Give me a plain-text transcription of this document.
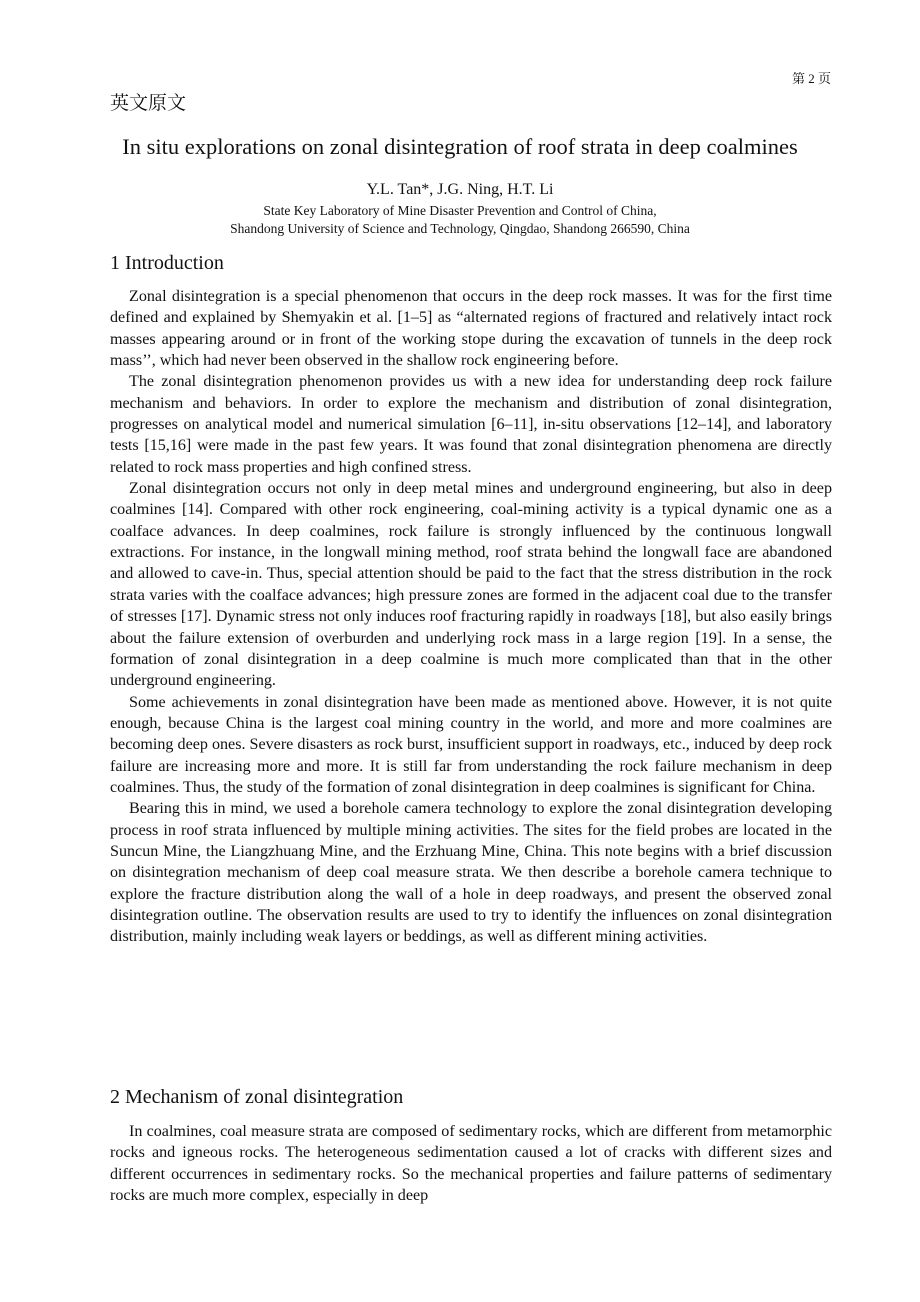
第 2 页
英文原文
In situ explorations on zonal disintegration of roof strata in deep coalmines
Y.L. Tan*, J.G. Ning, H.T. Li
State Key Laboratory of Mine Disaster Prevention and Control of China,
Shandong University of Science and Technology, Qingdao, Shandong 266590, China
1 Introduction

Zonal disintegration is a special phenomenon that occurs in the deep rock masses. It was for the first time defined and explained by Shemyakin et al. [1–5] as “alternated regions of fractured and relatively intact rock masses appearing around or in front of the working stope during the excavation of tunnels in the deep rock mass’’, which had never been observed in the shallow rock engineering before.

The zonal disintegration phenomenon provides us with a new idea for understanding deep rock failure mechanism and behaviors. In order to explore the mechanism and distribution of zonal disintegration, progresses on analytical model and numerical simulation [6–11], in-situ observations [12–14], and laboratory tests [15,16] were made in the past few years. It was found that zonal disintegration phenomena are directly related to rock mass properties and high confined stress.

Zonal disintegration occurs not only in deep metal mines and underground engineering, but also in deep coalmines [14]. Compared with other rock engineering, coal-mining activity is a typical dynamic one as a coalface advances. In deep coalmines, rock failure is strongly influenced by the continuous longwall extractions. For instance, in the longwall mining method, roof strata behind the longwall face are abandoned and allowed to cave-in. Thus, special attention should be paid to the fact that the stress distribution in the rock strata varies with the coalface advances; high pressure zones are formed in the adjacent coal due to the transfer of stresses [17]. Dynamic stress not only induces roof fracturing rapidly in roadways [18], but also easily brings about the failure extension of overburden and underlying rock mass in a large region [19]. In a sense, the formation of zonal disintegration in a deep coalmine is much more complicated than that in the other underground engineering.

Some achievements in zonal disintegration have been made as mentioned above. However, it is not quite enough, because China is the largest coal mining country in the world, and more and more coalmines are becoming deep ones. Severe disasters as rock burst, insufficient support in roadways, etc., induced by deep rock failure are increasing more and more. It is still far from understanding the rock failure mechanism in deep coalmines. Thus, the study of the formation of zonal disintegration in deep coalmines is significant for China.

Bearing this in mind, we used a borehole camera technology to explore the zonal disintegration developing process in roof strata influenced by multiple mining activities. The sites for the field probes are located in the Suncun Mine, the Liangzhuang Mine, and the Erzhuang Mine, China. This note begins with a brief discussion on disintegration mechanism of deep coal measure strata. We then describe a borehole camera technique to explore the fracture distribution along the wall of a hole in deep roadways, and present the observed zonal disintegration outline. The observation results are used to try to identify the influences on zonal disintegration distribution, mainly including weak layers or beddings, as well as different mining activities.

2 Mechanism of zonal disintegration

In coalmines, coal measure strata are composed of sedimentary rocks, which are different from metamorphic rocks and igneous rocks. The heterogeneous sedimentation caused a lot of cracks with different sizes and different occurrences in sedimentary rocks. So the mechanical properties and failure patterns of sedimentary rocks are much more complex, especially in deep
